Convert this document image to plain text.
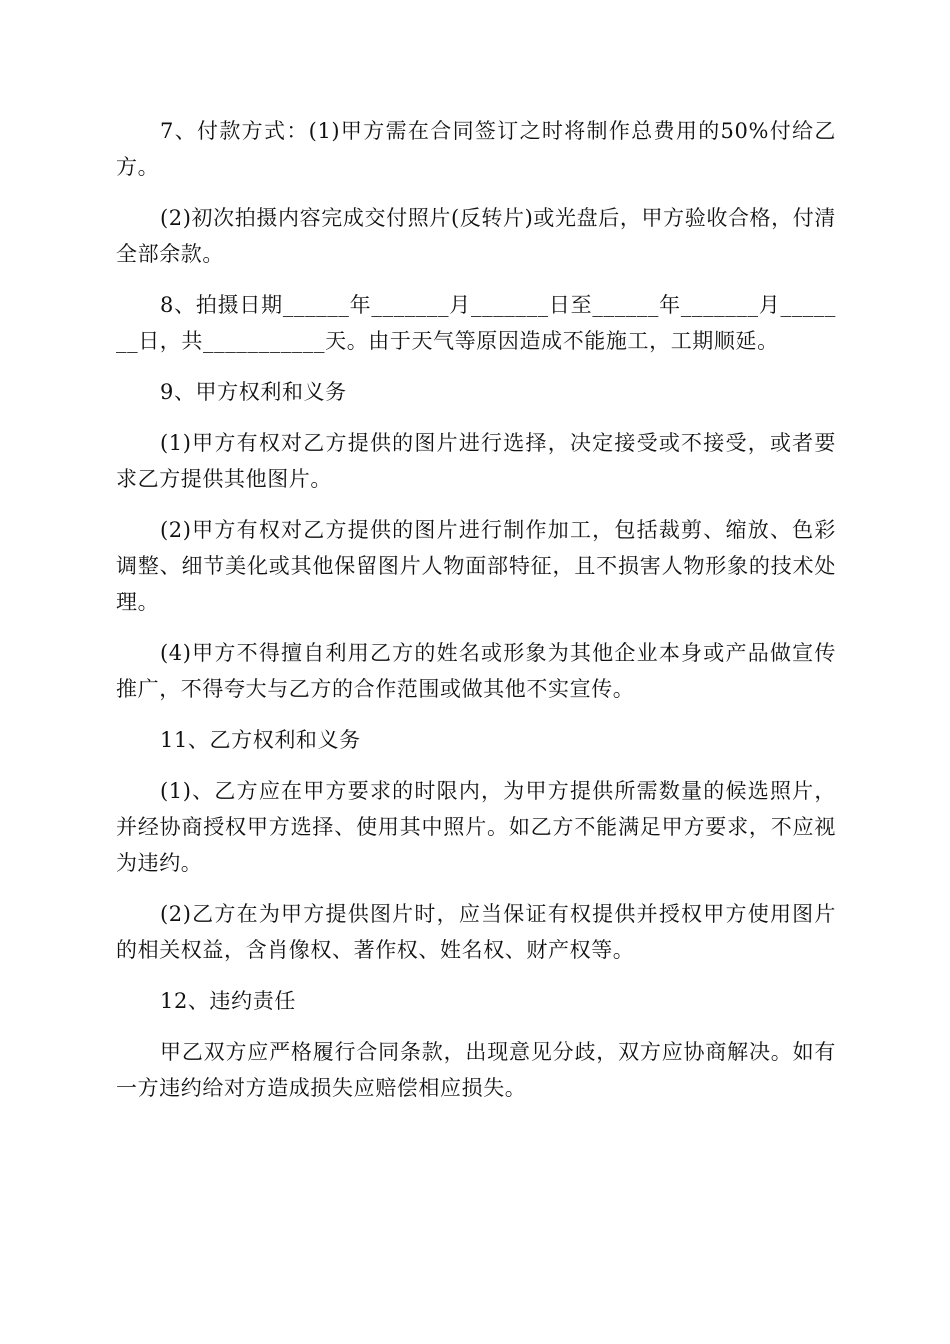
7、付款方式：(1)甲方需在合同签订之时将制作总费用的50%付给乙方。

(2)初次拍摄内容完成交付照片(反转片)或光盘后，甲方验收合格，付清全部余款。

8、拍摄日期______年_______月_______日至______年_______月_______日，共___________天。由于天气等原因造成不能施工，工期顺延。

9、甲方权利和义务

(1)甲方有权对乙方提供的图片进行选择，决定接受或不接受，或者要求乙方提供其他图片。

(2)甲方有权对乙方提供的图片进行制作加工，包括裁剪、缩放、色彩调整、细节美化或其他保留图片人物面部特征，且不损害人物形象的技术处理。

(4)甲方不得擅自利用乙方的姓名或形象为其他企业本身或产品做宣传推广，不得夸大与乙方的合作范围或做其他不实宣传。

11、乙方权利和义务

(1)、乙方应在甲方要求的时限内，为甲方提供所需数量的候选照片，并经协商授权甲方选择、使用其中照片。如乙方不能满足甲方要求，不应视为违约。

(2)乙方在为甲方提供图片时，应当保证有权提供并授权甲方使用图片的相关权益，含肖像权、著作权、姓名权、财产权等。

12、违约责任

甲乙双方应严格履行合同条款，出现意见分歧，双方应协商解决。如有一方违约给对方造成损失应赔偿相应损失。
